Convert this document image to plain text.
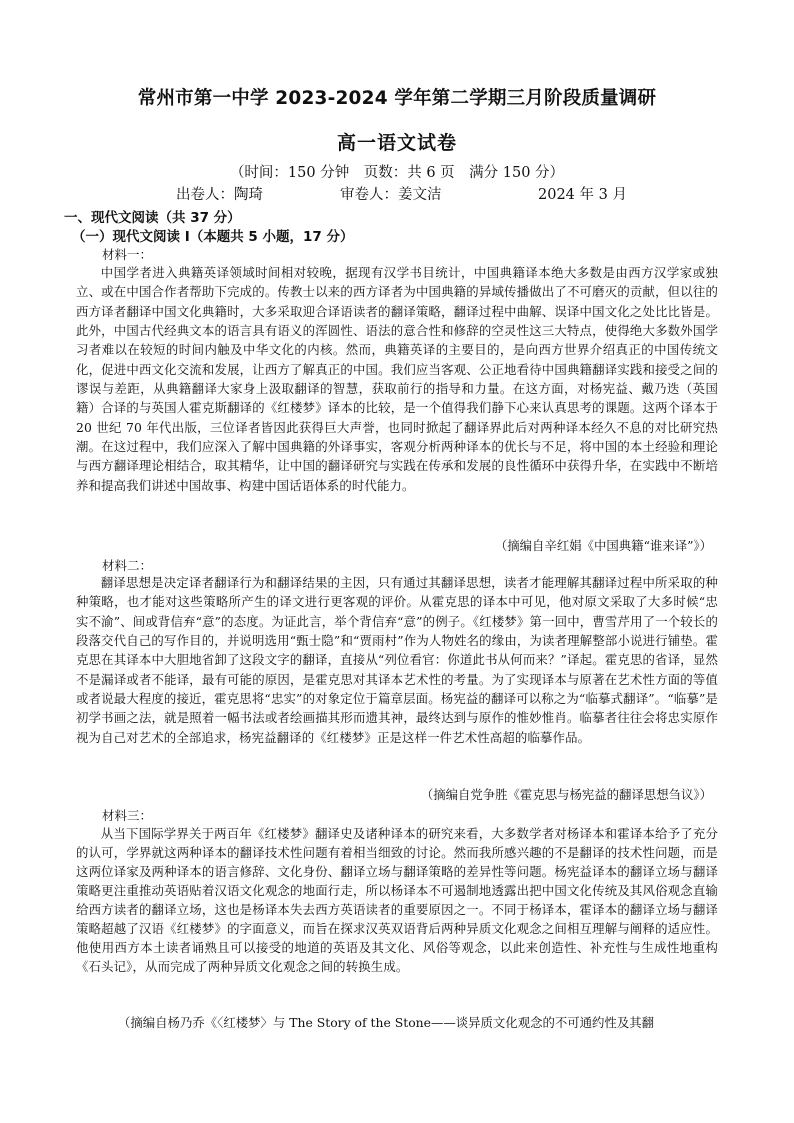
常州市第一中学 2023-2024 学年第二学期三月阶段质量调研
高一语文试卷
（时间：150 分钟　页数：共 6 页　满分 150 分）
出卷人：陶琦	审卷人：姜文洁	2024 年 3 月
一、现代文阅读（共 37 分）
（一）现代文阅读 I（本题共 5 小题，17 分）
材料一：

中国学者进入典籍英译领域时间相对较晚，据现有汉学书目统计，中国典籍译本绝大多数是由西方汉学家或独立、或在中国合作者帮助下完成的。传教士以来的西方译者为中国典籍的异域传播做出了不可磨灭的贡献，但以往的西方译者翻译中国文化典籍时，大多采取迎合译语读者的翻译策略，翻译过程中曲解、误译中国文化之处比比皆是。此外，中国古代经典文本的语言具有语义的浑圆性、语法的意合性和修辞的空灵性这三大特点，使得绝大多数外国学习者难以在较短的时间内触及中华文化的内核。然而，典籍英译的主要目的，是向西方世界介绍真正的中国传统文化，促进中西文化交流和发展，让西方了解真正的中国。我们应当客观、公正地看待中国典籍翻译实践和接受之间的谬误与差距，从典籍翻译大家身上汲取翻译的智慧，获取前行的指导和力量。在这方面，对杨宪益、戴乃迭（英国籍）合译的与英国人霍克斯翻译的《红楼梦》译本的比较，是一个值得我们静下心来认真思考的课题。这两个译本于 20 世纪 70 年代出版，三位译者皆因此获得巨大声誉，也同时掀起了翻译界此后对两种译本经久不息的对比研究热潮。在这过程中，我们应深入了解中国典籍的外译事实，客观分析两种译本的优长与不足，将中国的本土经验和理论与西方翻译理论相结合，取其精华，让中国的翻译研究与实践在传承和发展的良性循环中获得升华，在实践中不断培养和提高我们讲述中国故事、构建中国话语体系的时代能力。

（摘编自辛红娟《中国典籍“谁来译”》）
材料二：

翻译思想是决定译者翻译行为和翻译结果的主因，只有通过其翻译思想，读者才能理解其翻译过程中所采取的种种策略，也才能对这些策略所产生的译文进行更客观的评价。从霍克思的译本中可见，他对原文采取了大多时候“忠实不渝”、间或背信弃“意”的态度。为证此言，举个背信弃“意”的例子。《红楼梦》第一回中，曹雪芹用了一个较长的段落交代自己的写作目的，并说明选用“甄士隐”和“贾雨村”作为人物姓名的缘由，为读者理解整部小说进行铺垫。霍克思在其译本中大胆地省卸了这段文字的翻译，直接从“列位看官：你道此书从何而来？”译起。霍克思的省译，显然不是漏译或者不能译，最有可能的原因，是霍克思对其译本艺术性的考量。为了实现译本与原著在艺术性方面的等值或者说最大程度的接近，霍克思将“忠实”的对象定位于篇章层面。杨宪益的翻译可以称之为“临摹式翻译”。“临摹”是初学书画之法，就是照着一幅书法或者绘画描其形而遗其神，最终达到与原作的惟妙惟肖。临摹者往往会将忠实原作视为自己对艺术的全部追求，杨宪益翻译的《红楼梦》正是这样一件艺术性高超的临摹作品。

（摘编自党争胜《霍克思与杨宪益的翻译思想刍议》）
材料三：

从当下国际学界关于两百年《红楼梦》翻译史及诸种译本的研究来看，大多数学者对杨译本和霍译本给予了充分的认可，学界就这两种译本的翻译技术性问题有着相当细致的讨论。然而我所感兴趣的不是翻译的技术性问题，而是这两位译家及两种译本的语言修辞、文化身份、翻译立场与翻译策略的差异性等问题。杨宪益译本的翻译立场与翻译策略更注重推动英语贴着汉语文化观念的地面行走，所以杨译本不可遏制地透露出把中国文化传统及其风俗观念直输给西方读者的翻译立场，这也是杨译本失去西方英语读者的重要原因之一。不同于杨译本，霍译本的翻译立场与翻译策略超越了汉语《红楼梦》的字面意义，而旨在探求汉英双语背后两种异质文化观念之间相互理解与阐释的适应性。他使用西方本土读者诵熟且可以接受的地道的英语及其文化、风俗等观念，以此来创造性、补充性与生成性地重构《石头记》，从而完成了两种异质文化观念之间的转换生成。

（摘编自杨乃乔《〈红楼梦〉与 The Story of the Stone——谈异质文化观念的不可通约性及其翻
